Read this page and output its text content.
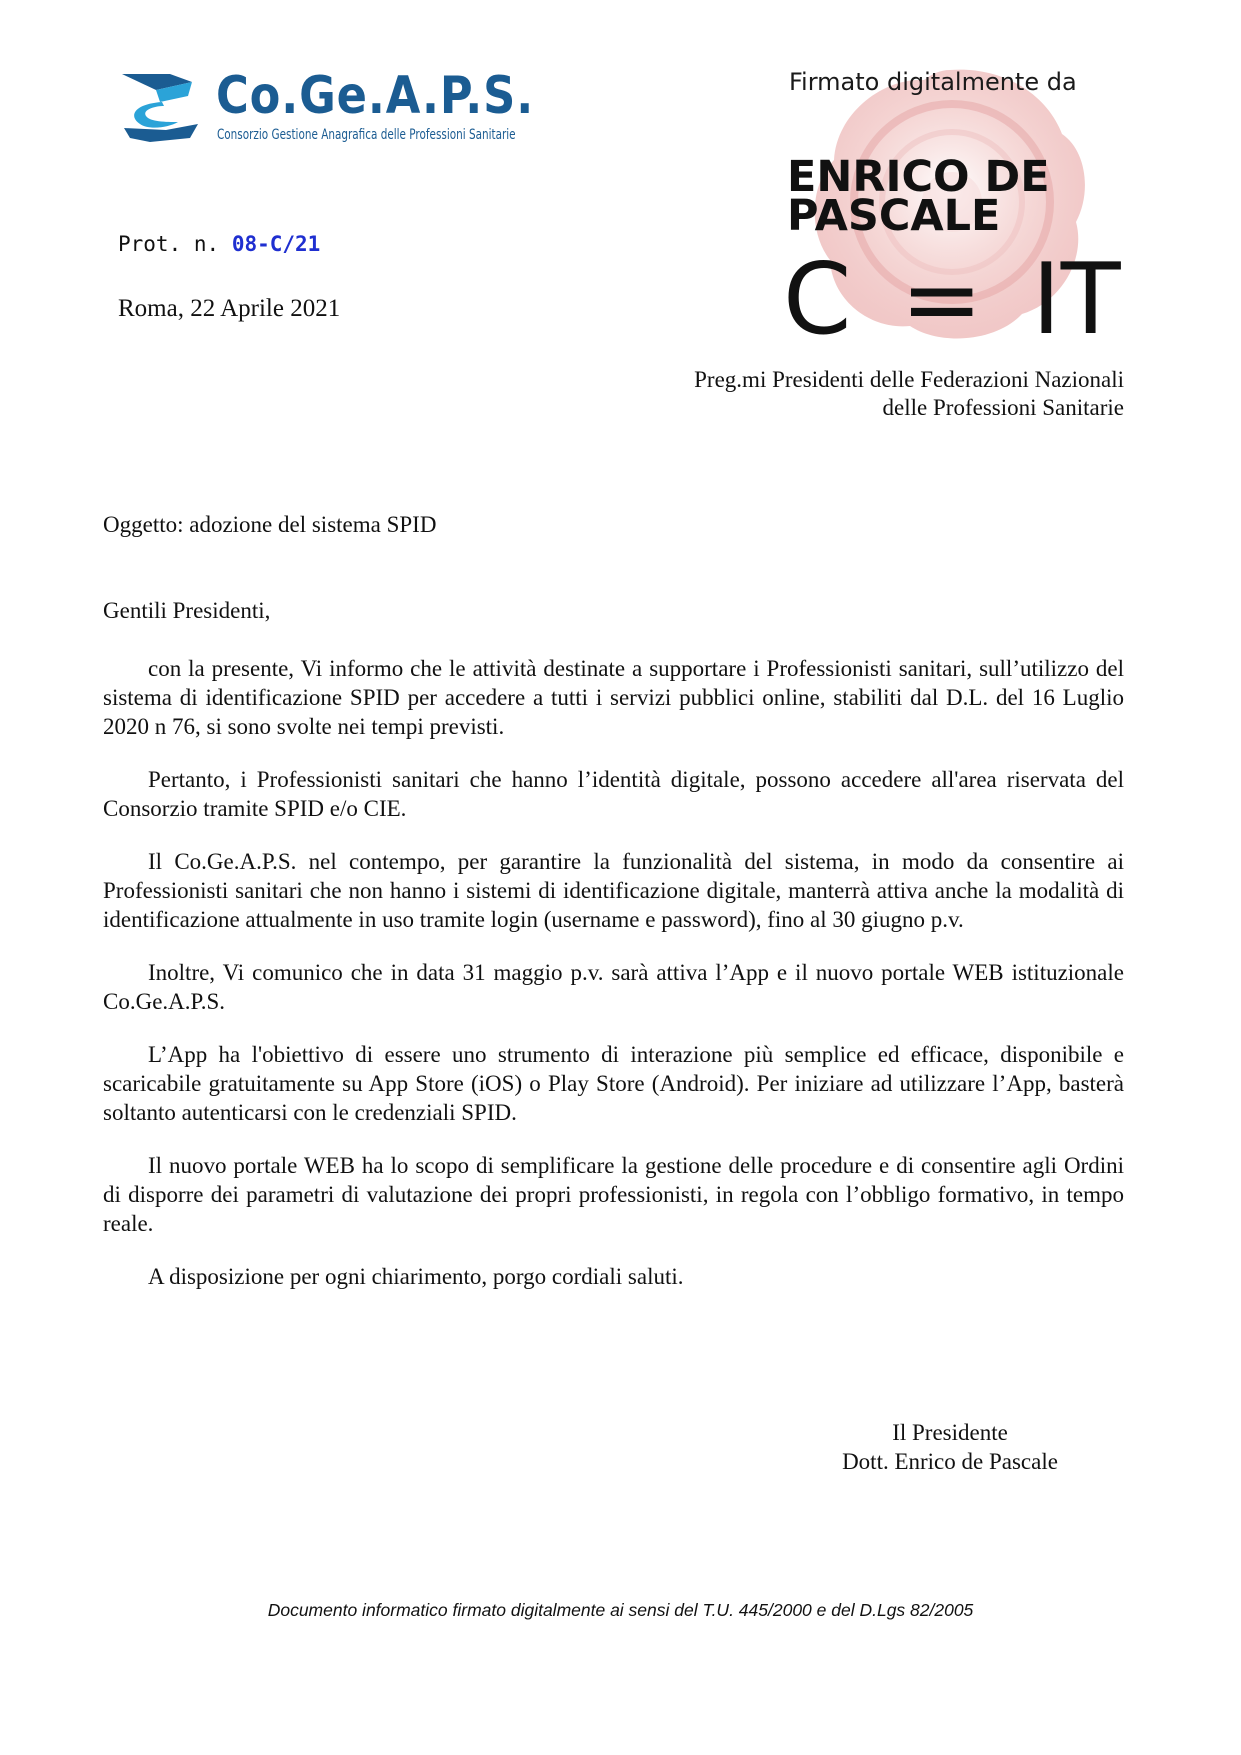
Co.Ge.A.P.S.
Consorzio Gestione Anagrafica delle Professioni Sanitarie
Prot. n. 08-C/21
Roma, 22 Aprile 2021
Firmato digitalmente da
ENRICO DE
PASCALE
C = IT
Preg.mi Presidenti delle Federazioni Nazionali
delle Professioni Sanitarie
Oggetto: adozione del sistema SPID
Gentili Presidenti,

con la presente, Vi informo che le attività destinate a supportare i Professionisti sanitari, sull’utilizzo del sistema di identificazione SPID per accedere a tutti i servizi pubblici online, stabiliti dal D.L. del 16 Luglio 2020 n 76, si sono svolte nei tempi previsti.

Pertanto, i Professionisti sanitari che hanno l’identità digitale, possono accedere all'area riservata del Consorzio tramite SPID e/o CIE.

Il Co.Ge.A.P.S. nel contempo, per garantire la funzionalità del sistema, in modo da consentire ai Professionisti sanitari che non hanno i sistemi di identificazione digitale, manterrà attiva anche la modalità di identificazione attualmente in uso tramite login (username e password), fino al 30 giugno p.v.

Inoltre, Vi comunico che in data 31 maggio p.v. sarà attiva l’App e il nuovo portale WEB istituzionale Co.Ge.A.P.S.

L’App ha l'obiettivo di essere uno strumento di interazione più semplice ed efficace, disponibile e scaricabile gratuitamente su App Store (iOS) o Play Store (Android). Per iniziare ad utilizzare l’App, basterà soltanto autenticarsi con le credenziali SPID.

Il nuovo portale WEB ha lo scopo di semplificare la gestione delle procedure e di consentire agli Ordini di disporre dei parametri di valutazione dei propri professionisti, in regola con l’obbligo formativo, in tempo reale.

A disposizione per ogni chiarimento, porgo cordiali saluti.

Il Presidente
Dott. Enrico de Pascale
Documento informatico firmato digitalmente ai sensi del T.U. 445/2000 e del D.Lgs 82/2005
